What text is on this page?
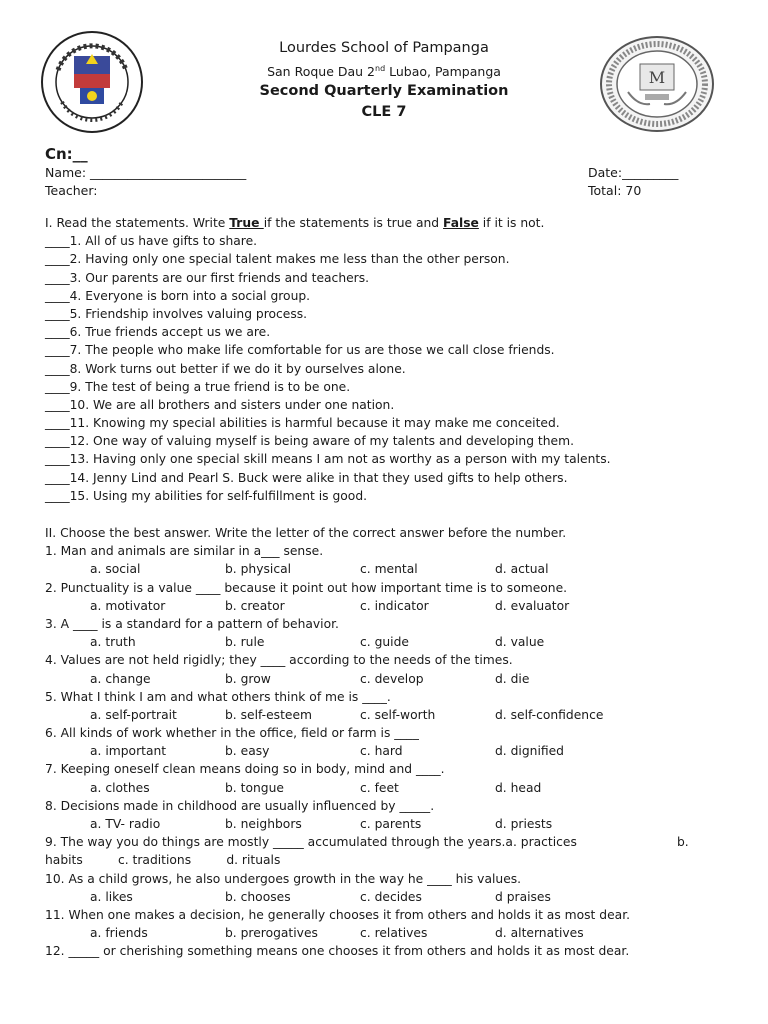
Lourdes School of Pampanga
San Roque Dau 2nd Lubao, Pampanga
Second Quarterly Examination
CLE 7
M
Cn:__
Name: _________________________
Teacher:
Date:_________
Total: 70
I. Read the statements. Write True if the statements is true and False if it is not.
____1. All of us have gifts to share.
____2. Having only one special talent makes me less than the other person.
____3. Our parents are our first friends and teachers.
____4. Everyone is born into a social group.
____5. Friendship involves valuing process.
____6. True friends accept us we are.
____7. The people who make life comfortable for us are those we call close friends.
____8. Work turns out better if we do it by ourselves alone.
____9. The test of being a true friend is to be one.
____10. We are all brothers and sisters under one nation.
____11. Knowing my special abilities is harmful because it may make me conceited.
____12. One way of valuing myself is being aware of my talents and developing them.
____13. Having only one special skill means I am not as worthy as a person with my talents.
____14. Jenny Lind and Pearl S. Buck were alike in that they used gifts to help others.
____15. Using my abilities for self-fulfillment is good.
II. Choose the best answer. Write the letter of the correct answer before the number.
1. Man and animals are similar in a___ sense.
a. social	b. physical	c. mental	d. actual
2. Punctuality is a value ____ because it point out how important time is to someone.
a. motivator	b. creator	c. indicator	d. evaluator
3. A ____ is a standard for a pattern of behavior.
a. truth	b. rule	c. guide	d. value
4. Values are not held rigidly; they ____ according to the needs of the times.
a. change	b. grow	c. develop	d. die
5. What I think I am and what others think of me is ____.
a. self-portrait	b. self-esteem	c. self-worth	d. self-confidence
6. All kinds of work whether in the office, field or farm is ____
a. important	b. easy	c. hard	d. dignified
7. Keeping oneself clean means doing so in body, mind and ____.
a. clothes	b. tongue	c. feet	d. head
8. Decisions made in childhood are usually influenced by _____.
a. TV- radio	b. neighbors	c. parents	d. priests
9. The way you do things are mostly _____ accumulated through the years.a. practices	b.
habits         c. traditions         d. rituals
10. As a child grows, he also undergoes growth in the way he ____ his values.
a. likes	b. chooses	c. decides	d praises
11. When one makes a decision, he generally chooses it from others and holds it as most dear.
a. friends	b. prerogatives	c. relatives	d. alternatives
12. _____ or cherishing something means one chooses it from others and holds it as most dear.
